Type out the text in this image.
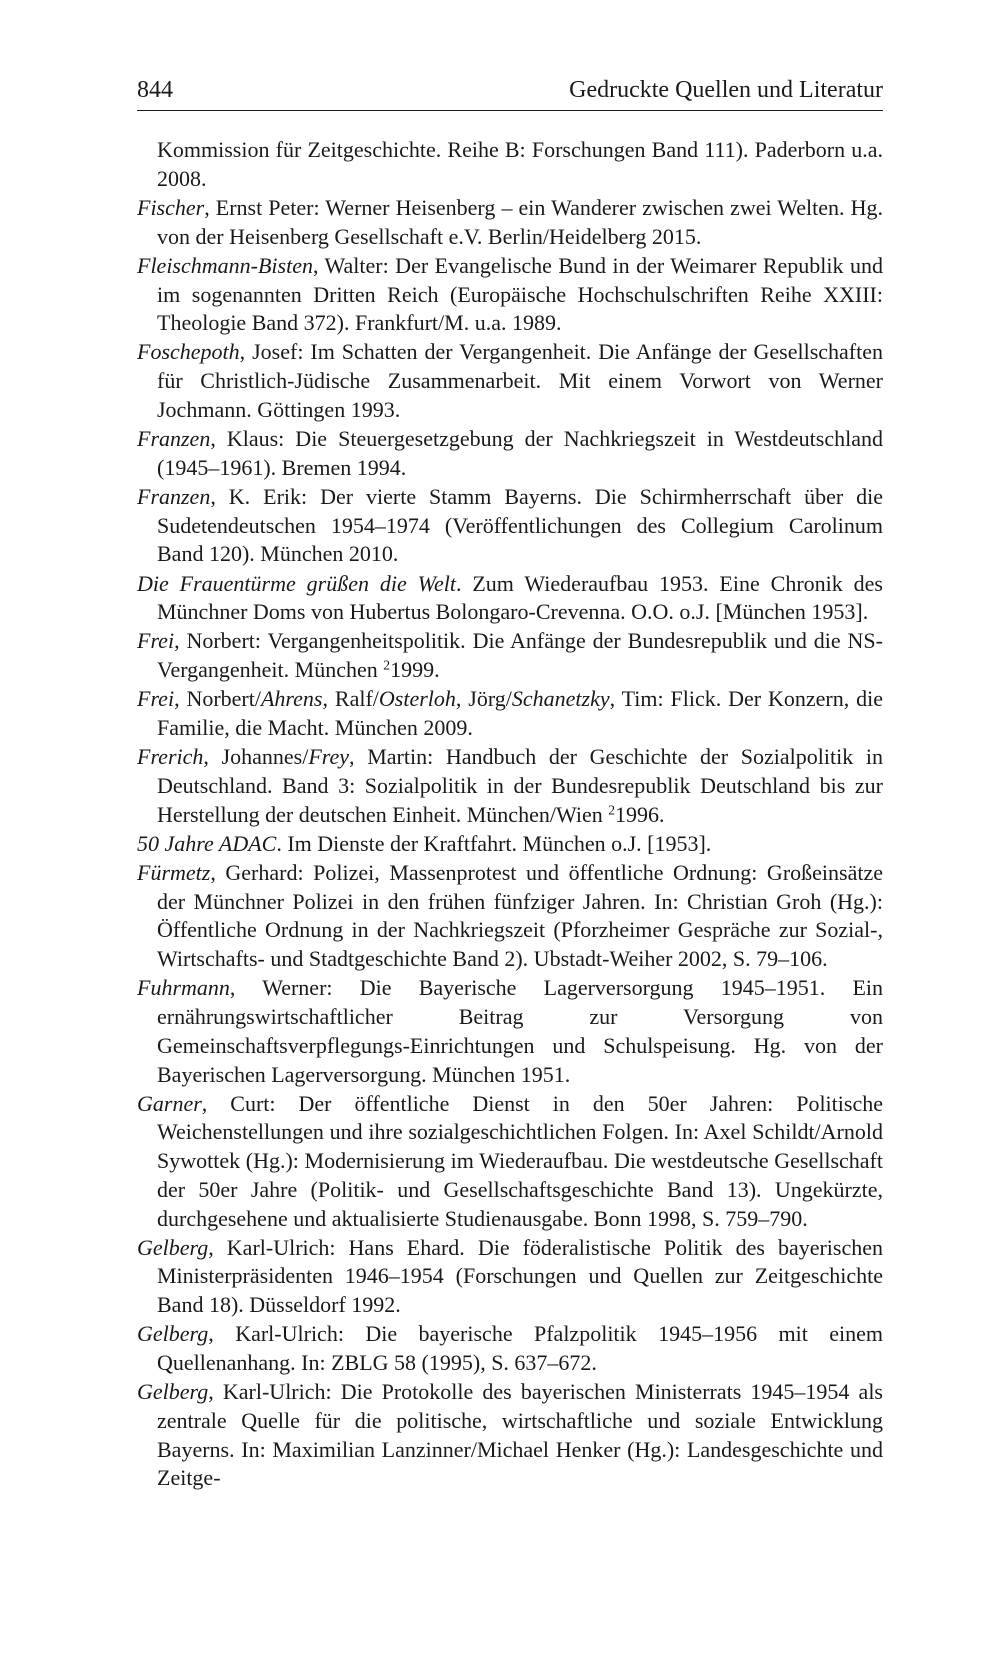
844	Gedruckte Quellen und Literatur

Kommission für Zeitgeschichte. Reihe B: Forschungen Band 111). Paderborn u.a. 2008.

Fischer, Ernst Peter: Werner Heisenberg – ein Wanderer zwischen zwei Welten. Hg. von der Heisenberg Gesellschaft e.V. Berlin/Heidelberg 2015.

Fleischmann-Bisten, Walter: Der Evangelische Bund in der Weimarer Republik und im sogenannten Dritten Reich (Europäische Hochschulschriften Reihe XXIII: Theologie Band 372). Frankfurt/M. u.a. 1989.

Foschepoth, Josef: Im Schatten der Vergangenheit. Die Anfänge der Gesellschaften für Christlich-Jüdische Zusammenarbeit. Mit einem Vorwort von Werner Jochmann. Göttingen 1993.

Franzen, Klaus: Die Steuergesetzgebung der Nachkriegszeit in Westdeutschland (1945–1961). Bremen 1994.

Franzen, K. Erik: Der vierte Stamm Bayerns. Die Schirmherrschaft über die Sudetendeutschen 1954–1974 (Veröffentlichungen des Collegium Carolinum Band 120). München 2010.

Die Frauentürme grüßen die Welt. Zum Wiederaufbau 1953. Eine Chronik des Münchner Doms von Hubertus Bolongaro-Crevenna. O.O. o.J. [München 1953].

Frei, Norbert: Vergangenheitspolitik. Die Anfänge der Bundesrepublik und die NS-Vergangenheit. München $^2$1999.

Frei, Norbert/Ahrens, Ralf/Osterloh, Jörg/Schanetzky, Tim: Flick. Der Konzern, die Familie, die Macht. München 2009.

Frerich, Johannes/Frey, Martin: Handbuch der Geschichte der Sozialpolitik in Deutschland. Band 3: Sozialpolitik in der Bundesrepublik Deutschland bis zur Herstellung der deutschen Einheit. München/Wien $^2$1996.

50 Jahre ADAC. Im Dienste der Kraftfahrt. München o.J. [1953].

Fürmetz, Gerhard: Polizei, Massenprotest und öffentliche Ordnung: Großeinsätze der Münchner Polizei in den frühen fünfziger Jahren. In: Christian Groh (Hg.): Öffentliche Ordnung in der Nachkriegszeit (Pforzheimer Gespräche zur Sozial-, Wirtschafts- und Stadtgeschichte Band 2). Ubstadt-Weiher 2002, S. 79–106.

Fuhrmann, Werner: Die Bayerische Lagerversorgung 1945–1951. Ein ernährungswirtschaftlicher Beitrag zur Versorgung von Gemeinschaftsverpflegungs-Einrichtungen und Schulspeisung. Hg. von der Bayerischen Lagerversorgung. München 1951.

Garner, Curt: Der öffentliche Dienst in den 50er Jahren: Politische Weichenstellungen und ihre sozialgeschichtlichen Folgen. In: Axel Schildt/Arnold Sywottek (Hg.): Modernisierung im Wiederaufbau. Die westdeutsche Gesellschaft der 50er Jahre (Politik- und Gesellschaftsgeschichte Band 13). Ungekürzte, durchgesehene und aktualisierte Studienausgabe. Bonn 1998, S. 759–790.

Gelberg, Karl-Ulrich: Hans Ehard. Die föderalistische Politik des bayerischen Ministerpräsidenten 1946–1954 (Forschungen und Quellen zur Zeitgeschichte Band 18). Düsseldorf 1992.

Gelberg, Karl-Ulrich: Die bayerische Pfalzpolitik 1945–1956 mit einem Quellenanhang. In: ZBLG 58 (1995), S. 637–672.

Gelberg, Karl-Ulrich: Die Protokolle des bayerischen Ministerrats 1945–1954 als zentrale Quelle für die politische, wirtschaftliche und soziale Entwicklung Bayerns. In: Maximilian Lanzinner/Michael Henker (Hg.): Landesgeschichte und Zeitge-
